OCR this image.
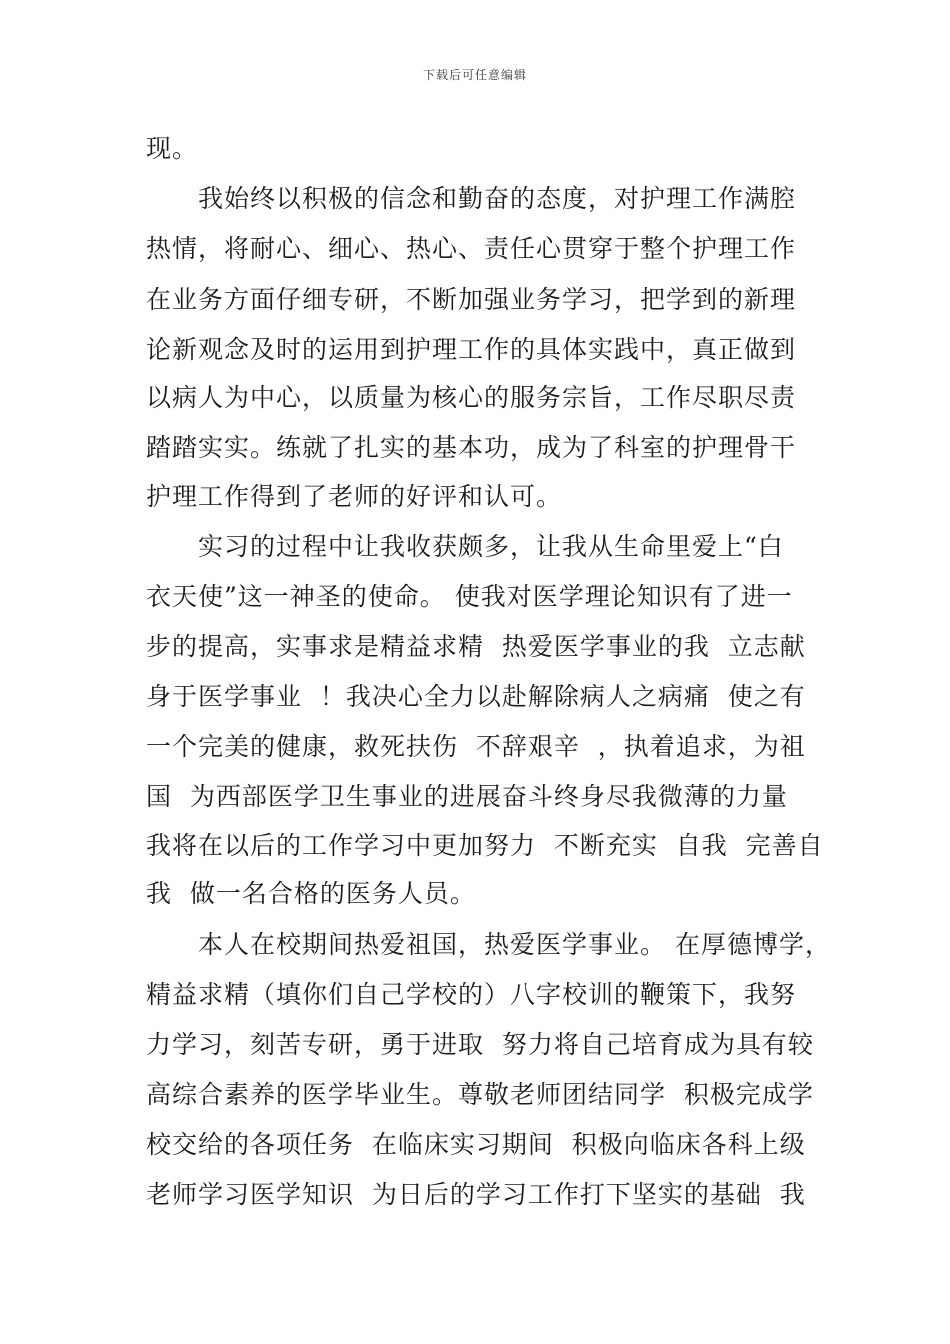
下载后可任意编辑
现。
　　我始终以积极的信念和勤奋的态度，对护理工作满腔
热情，将耐心、细心、热心、责任心贯穿于整个护理工作
在业务方面仔细专研，不断加强业务学习，把学到的新理
论新观念及时的运用到护理工作的具体实践中，真正做到
以病人为中心，以质量为核心的服务宗旨，工作尽职尽责
踏踏实实。练就了扎实的基本功，成为了科室的护理骨干
护理工作得到了老师的好评和认可。
　　实习的过程中让我收获颇多，让我从生命里爱上“白
衣天使”这一神圣的使命。 使我对医学理论知识有了进一
步的提高，实事求是精益求精  热爱医学事业的我  立志献
身于医学事业  ！我决心全力以赴解除病人之病痛  使之有
一个完美的健康，救死扶伤  不辞艰辛  ，执着追求，为祖
国  为西部医学卫生事业的进展奋斗终身尽我微薄的力量
我将在以后的工作学习中更加努力  不断充实  自我  完善自
我  做一名合格的医务人员。
　　本人在校期间热爱祖国，热爱医学事业。 在厚德博学，
精益求精（填你们自己学校的）八字校训的鞭策下，我努
力学习，刻苦专研，勇于进取  努力将自己培育成为具有较
高综合素养的医学毕业生。尊敬老师团结同学  积极完成学
校交给的各项任务  在临床实习期间  积极向临床各科上级
老师学习医学知识  为日后的学习工作打下坚实的基础  我
